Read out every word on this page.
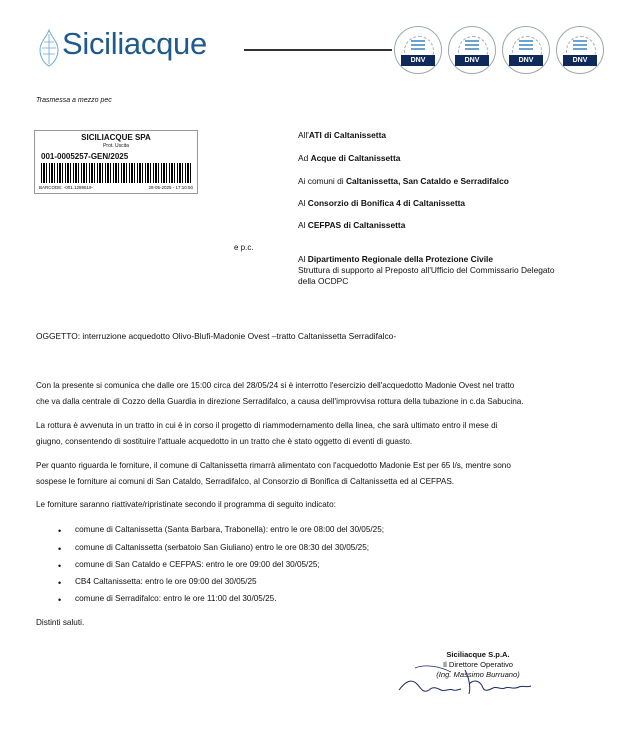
Siciliacque	.
DNV	DNV	DNV	DNV
Trasmessa a mezzo pec
SICILIACQUE SPA
Prot. Uscita
001-0005257-GEN/2025
BARCODE: -001.1289519-	28-05-2025 - 17:10:50
All'ATI di Caltanissetta
Ad Acque di Caltanissetta
Ai comuni di Caltanissetta, San Cataldo e Serradifalco
Al Consorzio di Bonifica 4 di Caltanissetta
Al CEFPAS di Caltanissetta
e p.c.
Al Dipartimento Regionale della Protezione Civile
Struttura di supporto al Preposto all'Ufficio del Commissario Delegato
della OCDPC
OGGETTO: interruzione acquedotto Olivo-Blufi-Madonie Ovest –tratto Caltanissetta Serradifalco-
Con la presente si comunica che dalle ore 15:00 circa del 28/05/24 si è interrotto l'esercizio dell'acquedotto Madonie Ovest nel tratto
che va dalla centrale di Cozzo della Guardia in direzione Serradifalco, a causa dell'improvvisa rottura della tubazione in c.da Sabucina.
La rottura è avvenuta in un tratto in cui è in corso il progetto di riammodernamento della linea, che sarà ultimato entro il mese di
giugno, consentendo di sostituire l'attuale acquedotto in un tratto che è stato oggetto di eventi di guasto.
Per quanto riguarda le forniture, il comune di Caltanissetta rimarrà alimentato con l'acquedotto Madonie Est per 65 l/s, mentre sono
sospese le forniture ai comuni di San Cataldo, Serradifalco, al Consorzio di Bonifica di Caltanissetta ed al CEFPAS.
Le forniture saranno riattivate/ripristinate secondo il programma di seguito indicato:
• comune di Caltanissetta (Santa Barbara, Trabonella): entro le ore 08:00 del 30/05/25;
• comune di Caltanissetta (serbatoio San Giuliano) entro le ore 08:30 del 30/05/25;
• comune di San Cataldo e CEFPAS: entro le ore 09:00 del 30/05/25;
• CB4 Caltanissetta: entro le ore 09:00 del 30/05/25
• comune di Serradifalco: entro le ore 11:00 del 30/05/25.
Distinti saluti.
Siciliacque S.p.A.
Il Direttore Operativo
(Ing. Massimo Burruano)
